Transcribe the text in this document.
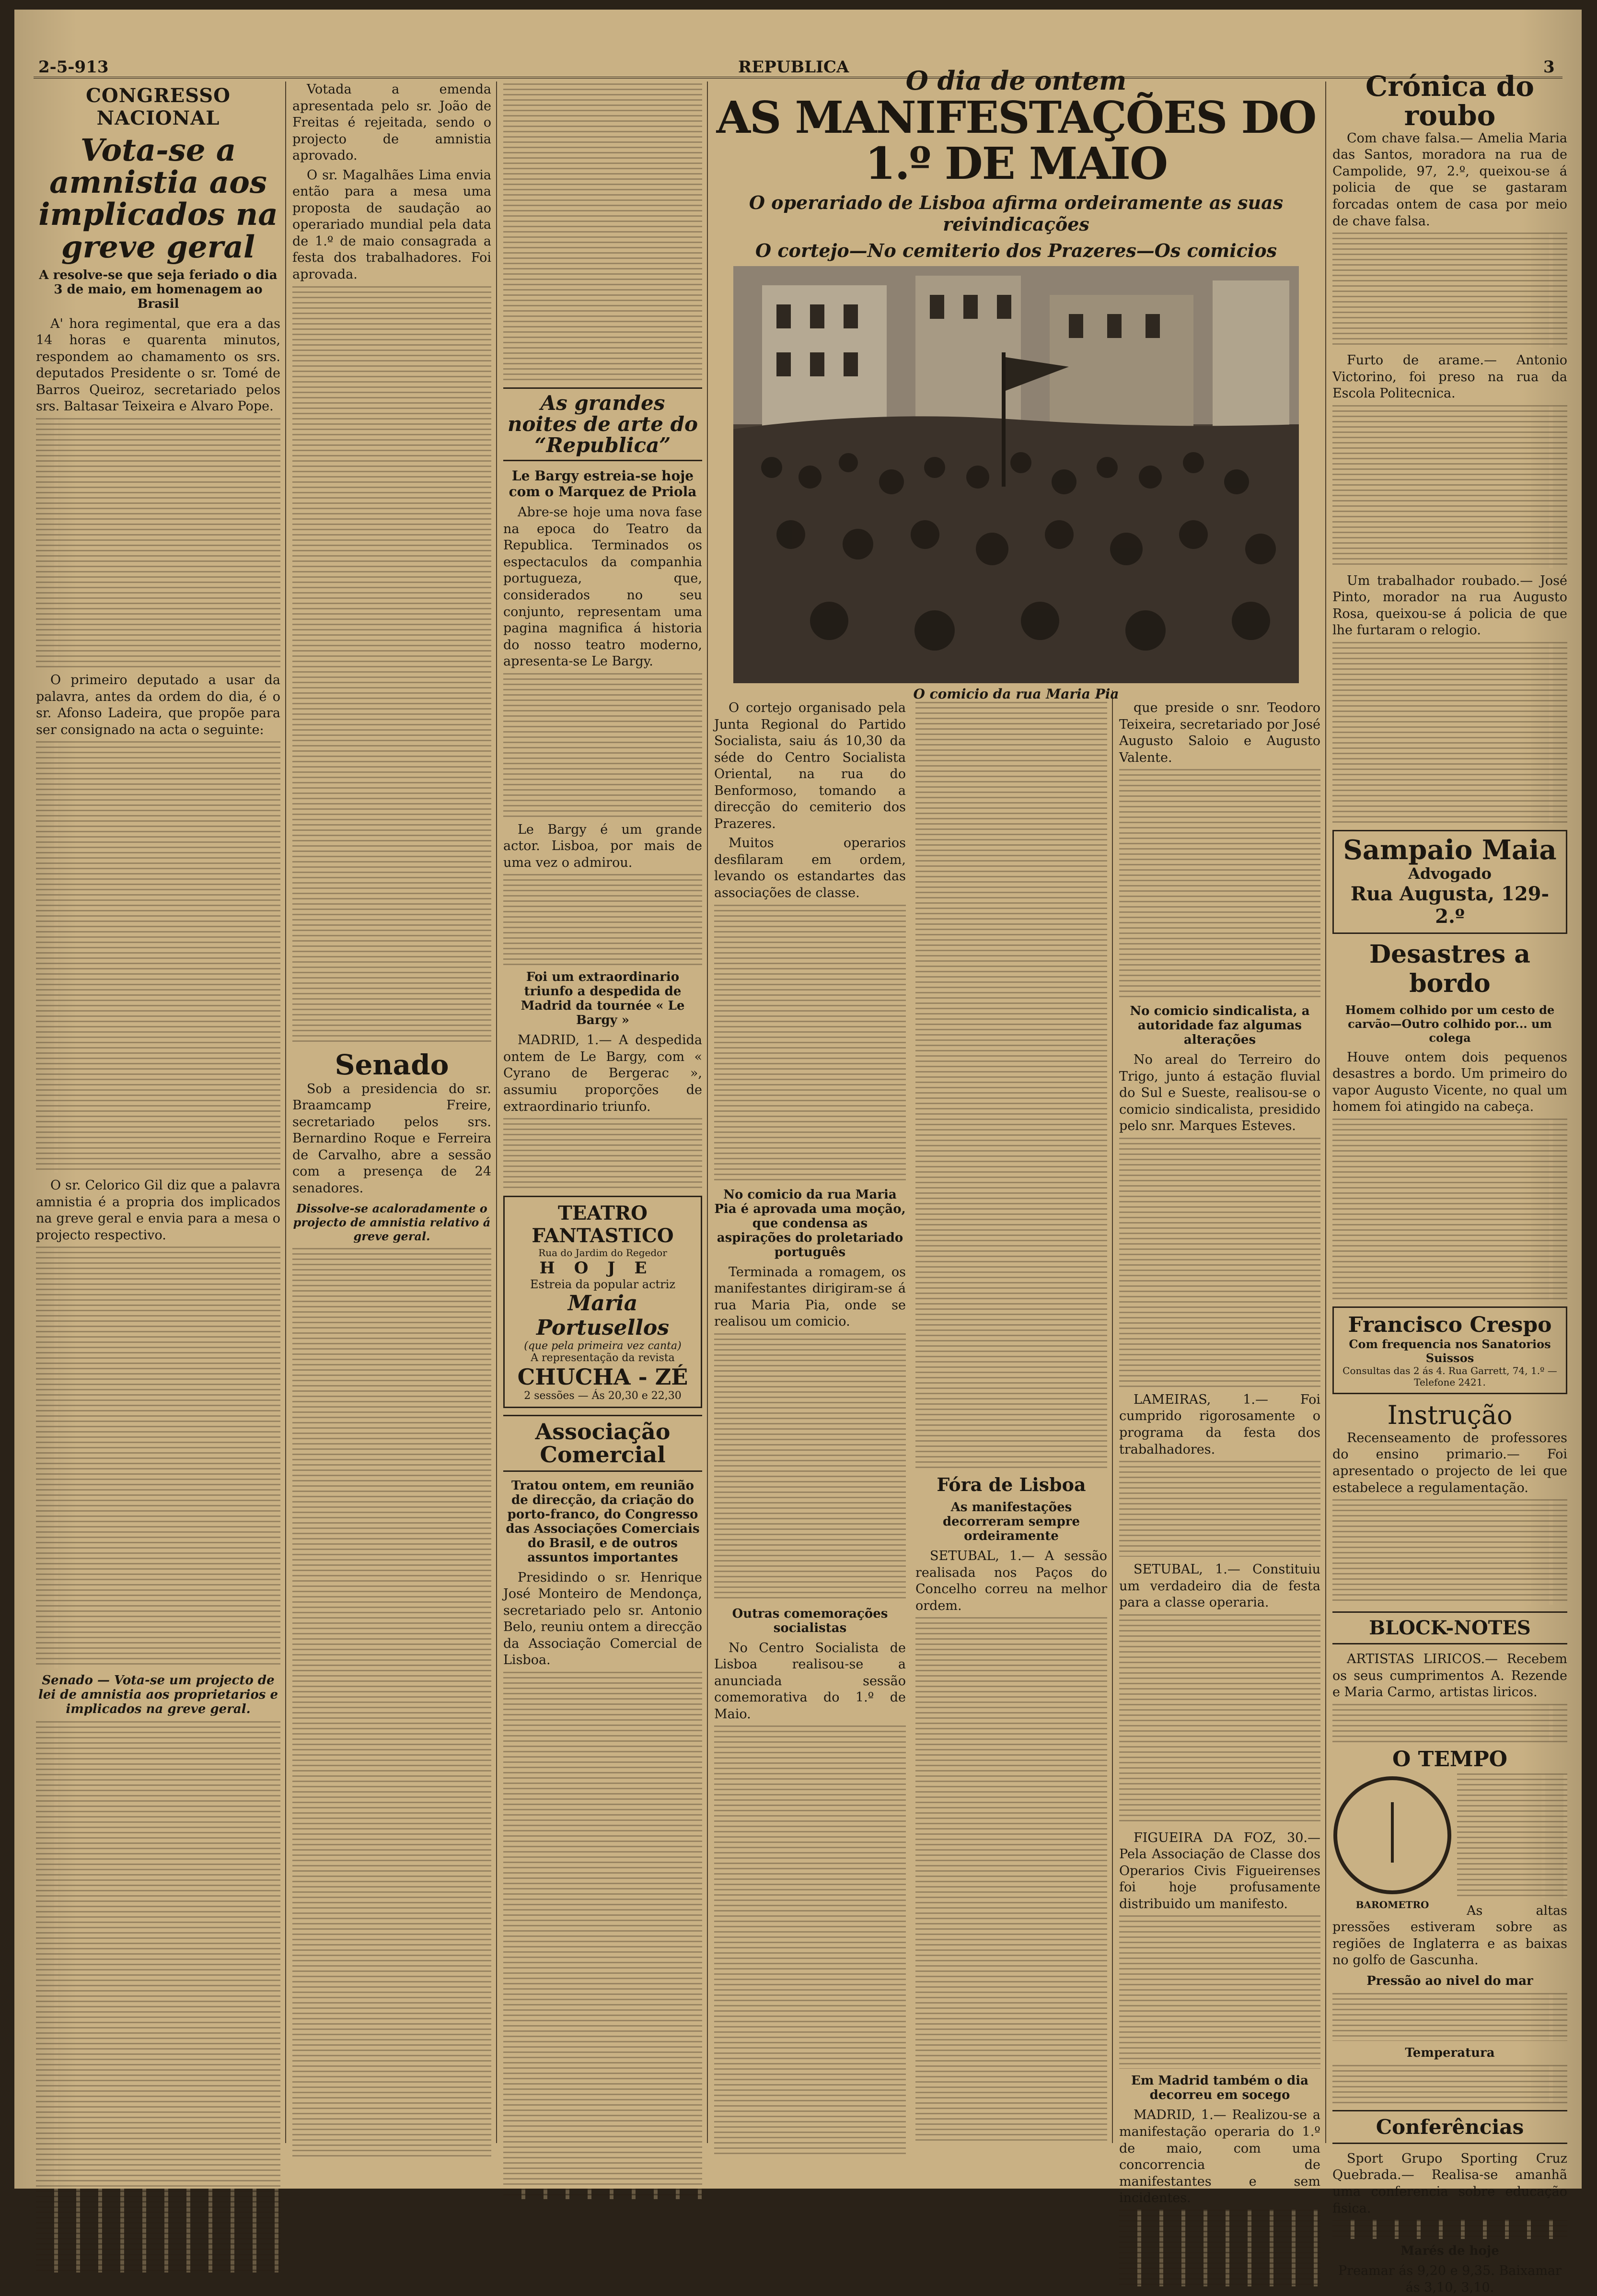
2-5-913	REPUBLICA	3
CONGRESSO NACIONAL
Vota-se a amnistia aos implicados na greve geral
A resolve-se que seja feriado o dia 3 de maio, em homenagem ao Brasil
A' hora regimental, que era a das 14 horas e quarenta minutos, respondem ao chamamento os srs. deputados Presidente o sr. Tomé de Barros Queiroz, secretariado pelos srs. Baltasar Teixeira e Alvaro Pope.
O primeiro deputado a usar da palavra, antes da ordem do dia, é o sr. Afonso Ladeira, que propõe para ser consignado na acta o seguinte:
O sr. Celorico Gil diz que a palavra amnistia é a propria dos implicados na greve geral e envia para a mesa o projecto respectivo.
Senado — Vota-se um projecto de lei de amnistia aos proprietarios e implicados na greve geral.
Votada a emenda apresentada pelo sr. João de Freitas é rejeitada, sendo o projecto de amnistia aprovado.
O sr. Magalhães Lima envia então para a mesa uma proposta de saudação ao operariado mundial pela data de 1.º de maio consagrada a festa dos trabalhadores. Foi aprovada.
Senado
Sob a presidencia do sr. Braamcamp Freire, secretariado pelos srs. Bernardino Roque e Ferreira de Carvalho, abre a sessão com a presença de 24 senadores.
Dissolve-se acaloradamente o projecto de amnistia relativo á greve geral.
As grandes noites de arte do “Republica”
Le Bargy estreia-se hoje com o Marquez de Priola
Abre-se hoje uma nova fase na epoca do Teatro da Republica. Terminados os espectaculos da companhia portugueza, que, considerados no seu conjunto, representam uma pagina magnifica á historia do nosso teatro moderno, apresenta-se Le Bargy.
Le Bargy é um grande actor. Lisboa, por mais de uma vez o admirou.
Foi um extraordinario triunfo a despedida de Madrid da tournée « Le Bargy »
MADRID, 1.— A despedida ontem de Le Bargy, com « Cyrano de Bergerac », assumiu proporções de extraordinario triunfo.
TEATRO FANTASTICO
Rua do Jardim do Regedor
HOJE
Estreia da popular actriz
Maria Portusellos
(que pela primeira vez canta)
A representação da revista
CHUCHA - ZÉ
2 sessões — Ás 20,30 e 22,30
Associação Comercial
Tratou ontem, em reunião de direcção, da criação do porto-franco, do Congresso das Associações Comerciais do Brasil, e de outros assuntos importantes
Presidindo o sr. Henrique José Monteiro de Mendonça, secretariado pelo sr. Antonio Belo, reuniu ontem a direcção da Associação Comercial de Lisboa.
O dia de ontem
AS MANIFESTAÇÕES DO 1.º DE MAIO
O operariado de Lisboa afirma ordeiramente as suas reivindicações
O cortejo—No cemiterio dos Prazeres—Os comicios
O comicio da rua Maria Pia
O cortejo organisado pela Junta Regional do Partido Socialista, saiu ás 10,30 da séde do Centro Socialista Oriental, na rua do Benformoso, tomando a direcção do cemiterio dos Prazeres.
Muitos operarios desfilaram em ordem, levando os estandartes das associações de classe.
No comicio da rua Maria Pia é aprovada uma moção, que condensa as aspirações do proletariado português
Terminada a romagem, os manifestantes dirigiram-se á rua Maria Pia, onde se realisou um comicio.
Outras comemorações socialistas
No Centro Socialista de Lisboa realisou-se a anunciada sessão comemorativa do 1.º de Maio.
Fóra de Lisboa
As manifestações decorreram sempre ordeiramente
SETUBAL, 1.— A sessão realisada nos Paços do Concelho correu na melhor ordem.
que preside o snr. Teodoro Teixeira, secretariado por José Augusto Saloio e Augusto Valente.
No comicio sindicalista, a autoridade faz algumas alterações
No areal do Terreiro do Trigo, junto á estação fluvial do Sul e Sueste, realisou-se o comicio sindicalista, presidido pelo snr. Marques Esteves.
LAMEIRAS, 1.— Foi cumprido rigorosamente o programa da festa dos trabalhadores.
SETUBAL, 1.— Constituiu um verdadeiro dia de festa para a classe operaria.
FIGUEIRA DA FOZ, 30.— Pela Associação de Classe dos Operarios Civis Figueirenses foi hoje profusamente distribuido um manifesto.
Em Madrid também o dia decorreu em socego
MADRID, 1.— Realizou-se a manifestação operaria do 1.º de maio, com uma concorrencia de manifestantes e sem incidentes.
Crónica do roubo
Com chave falsa.— Amelia Maria das Santos, moradora na rua de Campolide, 97, 2.º, queixou-se á policia de que se gastaram forcadas ontem de casa por meio de chave falsa.
Furto de arame.— Antonio Victorino, foi preso na rua da Escola Politecnica.
Um trabalhador roubado.— José Pinto, morador na rua Augusto Rosa, queixou-se á policia de que lhe furtaram o relogio.
Sampaio Maia
Advogado
Rua Augusta, 129-2.º
Desastres a bordo
Homem colhido por um cesto de carvão—Outro colhido por... um colega
Houve ontem dois pequenos desastres a bordo. Um primeiro do vapor Augusto Vicente, no qual um homem foi atingido na cabeça.
Francisco Crespo
Com frequencia nos Sanatorios Suissos
Consultas das 2 ás 4. Rua Garrett, 74, 1.º — Telefone 2421.
Instrução
Recenseamento de professores do ensino primario.— Foi apresentado o projecto de lei que estabelece a regulamentação.
BLOCK-NOTES
ARTISTAS LIRICOS.— Recebem os seus cumprimentos A. Rezende e Maria Carmo, artistas liricos.
O TEMPO
BAROMETRO	As altas pressões estiveram sobre as regiões de Inglaterra e as baixas no golfo de Gascunha.
Pressão ao nivel do mar
Temperatura
Conferências
Sport Grupo Sporting Cruz Quebrada.— Realisa-se amanhã uma conferencia sobre educação fisica.
Marés de hoje
Preamar ás 9,20 e 9,35. Baixamar ás 3,10, 3,10.
